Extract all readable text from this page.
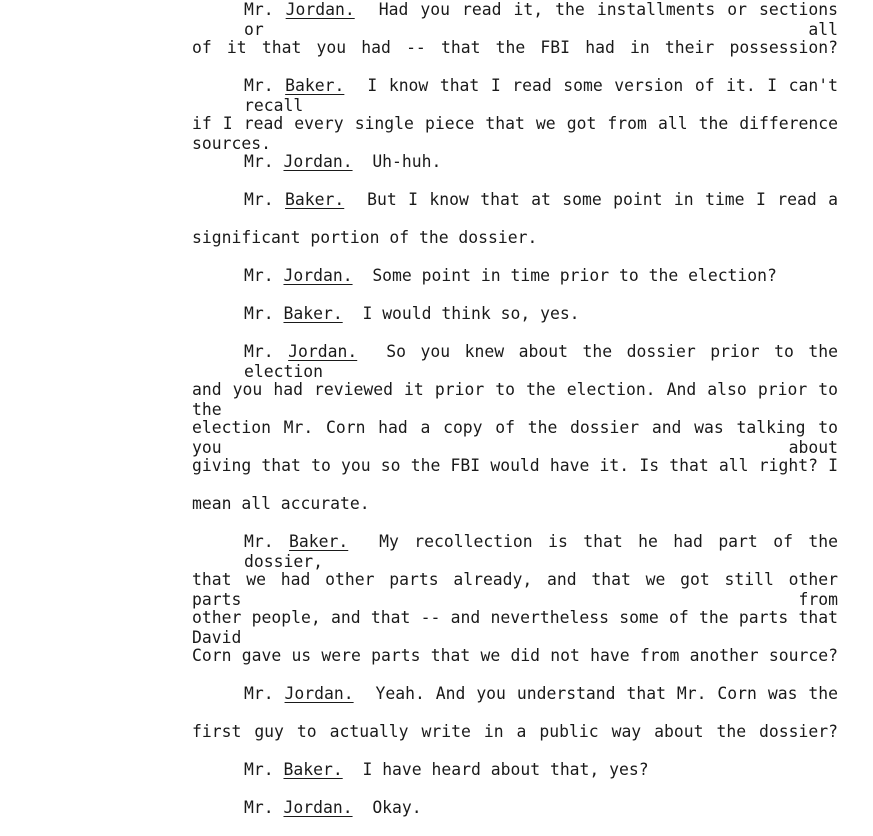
Mr. Jordan. Had you read it, the installments or sections or all
of it that you had -- that the FBI had in their possession?
Mr. Baker. I know that I read some version of it. I can't recall
if I read every single piece that we got from all the difference sources.
Mr. Jordan. Uh-huh.
Mr. Baker. But I know that at some point in time I read a
significant portion of the dossier.
Mr. Jordan. Some point in time prior to the election?
Mr. Baker. I would think so, yes.
Mr. Jordan. So you knew about the dossier prior to the election
and you had reviewed it prior to the election. And also prior to the
election Mr. Corn had a copy of the dossier and was talking to you about
giving that to you so the FBI would have it. Is that all right? I
mean all accurate.
Mr. Baker. My recollection is that he had part of the dossier,
that we had other parts already, and that we got still other parts from
other people, and that -- and nevertheless some of the parts that David
Corn gave us were parts that we did not have from another source?
Mr. Jordan. Yeah. And you understand that Mr. Corn was the
first guy to actually write in a public way about the dossier?
Mr. Baker. I have heard about that, yes?
Mr. Jordan. Okay.
